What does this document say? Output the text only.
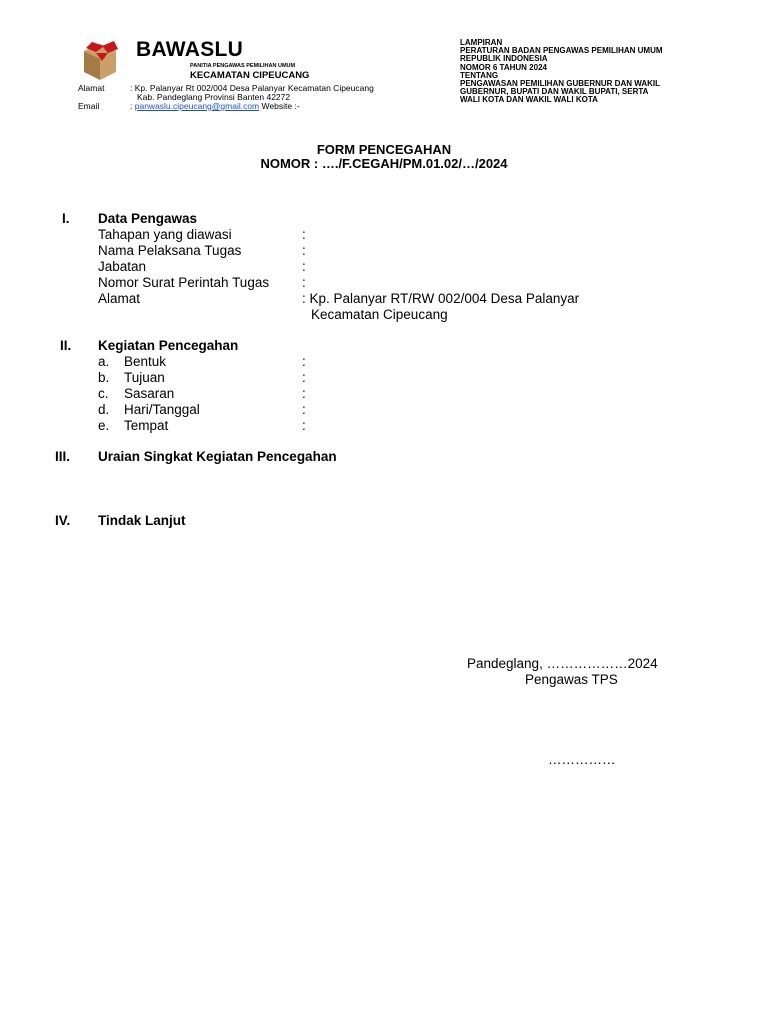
BAWASLU
PANITIA PENGAWAS PEMILIHAN UMUM
KECAMATAN CIPEUCANG
Alamat	: Kp. Palanyar Rt 002/004 Desa Palanyar Kecamatan Cipeucang
Kab. Pandeglang Provinsi Banten 42272
Email	: panwaslu.cipeucang@gmail.com Website :-
LAMPIRAN
PERATURAN BADAN PENGAWAS PEMILIHAN UMUM
REPUBLIK INDONESIA
NOMOR 6 TAHUN 2024
TENTANG
PENGAWASAN PEMILIHAN GUBERNUR DAN WAKIL
GUBERNUR, BUPATI DAN WAKIL BUPATI, SERTA
WALI KOTA DAN WAKIL WALI KOTA
FORM PENCEGAHAN
NOMOR : …./F.CEGAH/PM.01.02/…/2024
I. Data Pengawas
Tahapan yang diawasi	:
Nama Pelaksana Tugas	:
Jabatan	:
Nomor Surat Perintah Tugas :
Alamat	: Kp. Palanyar RT/RW 002/004 Desa Palanyar
Kecamatan Cipeucang
II. Kegiatan Pencegahan
a. Bentuk	:
b. Tujuan	:
c. Sasaran	:
d. Hari/Tanggal	:
e. Tempat	:
III. Uraian Singkat Kegiatan Pencegahan
IV. Tindak Lanjut
Pandeglang, ………………2024
Pengawas TPS
……………
